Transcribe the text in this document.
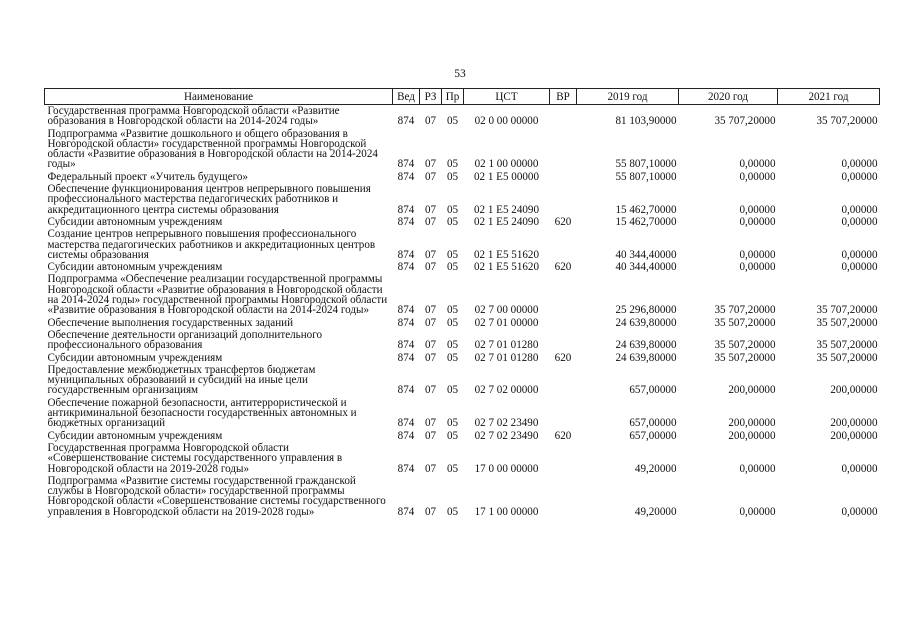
53
Наименование	Вед	РЗ	Пр	ЦСТ	ВР	2019 год	2020 год	2021 год
Государственная программа Новгородской области «Развитие образования в Новгородской области на 2014-2024 годы»	874	07	05	02 0 00 00000		81 103,90000	35 707,20000	35 707,20000
Подпрограмма «Развитие дошкольного и общего образования в Новгородской области» государственной программы Новгородской области «Развитие образования в Новгородской области на 2014-2024 годы»	874	07	05	02 1 00 00000		55 807,10000	0,00000	0,00000
Федеральный проект «Учитель будущего»	874	07	05	02 1 E5 00000		55 807,10000	0,00000	0,00000
Обеспечение функционирования центров непрерывного повышения профессионального мастерства педагогических работников и аккредитационного центра системы образования	874	07	05	02 1 E5 24090		15 462,70000	0,00000	0,00000
Субсидии автономным учреждениям	874	07	05	02 1 E5 24090	620	15 462,70000	0,00000	0,00000
Создание центров непрерывного повышения профессионального мастерства педагогических работников и аккредитационных центров системы образования	874	07	05	02 1 E5 51620		40 344,40000	0,00000	0,00000
Субсидии автономным учреждениям	874	07	05	02 1 E5 51620	620	40 344,40000	0,00000	0,00000
Подпрограмма «Обеспечение реализации государственной программы Новгородской области «Развитие образования в Новгородской области на 2014-2024 годы» государственной программы Новгородской области «Развитие образования в Новгородской области на 2014-2024 годы»	874	07	05	02 7 00 00000		25 296,80000	35 707,20000	35 707,20000
Обеспечение выполнения государственных заданий	874	07	05	02 7 01 00000		24 639,80000	35 507,20000	35 507,20000
Обеспечение деятельности организаций дополнительного профессионального образования	874	07	05	02 7 01 01280		24 639,80000	35 507,20000	35 507,20000
Субсидии автономным учреждениям	874	07	05	02 7 01 01280	620	24 639,80000	35 507,20000	35 507,20000
Предоставление межбюджетных трансфертов бюджетам муниципальных образований и субсидий на иные цели государственным организациям	874	07	05	02 7 02 00000		657,00000	200,00000	200,00000
Обеспечение пожарной безопасности, антитеррористической и антикриминальной безопасности государственных автономных и бюджетных организаций	874	07	05	02 7 02 23490		657,00000	200,00000	200,00000
Субсидии автономным учреждениям	874	07	05	02 7 02 23490	620	657,00000	200,00000	200,00000
Государственная программа Новгородской области «Совершенствование системы государственного управления в Новгородской области на 2019-2028 годы»	874	07	05	17 0 00 00000		49,20000	0,00000	0,00000
Подпрограмма «Развитие системы государственной гражданской службы в Новгородской области» государственной программы Новгородской области «Совершенствование системы государственного управления в Новгородской области на 2019-2028 годы»	874	07	05	17 1 00 00000		49,20000	0,00000	0,00000
